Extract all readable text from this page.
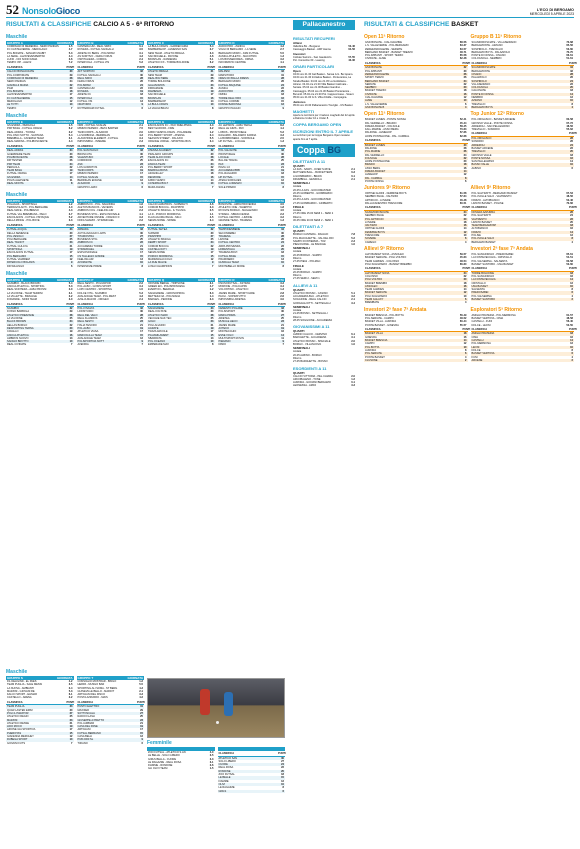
52 NonsoloGioco	L'ECO DI BERGAMO
MERCOLEDÌ 5 APRILE 2023
RISULTATI & CLASSIFICHE CALCIO A 5 - 6ª RITORNO	Pallacanestro	RISULTATI & CLASSIFICHE BASKET
Maschile
GRUPPO A	GIORNATA
COMPAGNI DI MERENDA - NERO PANDAS	1-5
FC CASTELVERDE - MEDOLAGO	4-7
POL.BONATE - SANAMI UNABIT	5-3
LA SEDE - ALZATEVESPERTINI	4-4
LUFFI - NOI SONO FAMA	3-6
TEMPO VIP - ALEX2	7-2
CLASSIFICA	PUNTI
CALCIO BONACCIATE	30
POL.CORPORATE	29
COMPAGNI DI MERENDA	28
NERO PANDAS	24
GIANNA & MARIA	22
PGM	20
POL.BONATE	18
ALZATEVESPERTINI	17
FC CASTELVERDE	15
MEDOLAGO	12
LE TOTTI	10
TEMPO	7
GRUPPO B	GIORNATA
CANTERA HM - REAL SIRIO	6-1
ROVEDA - FUTSAL SANGALLI	3-5
ARIETE FC BERG - POLISPAM	3-1
AS SORTIVO - FERGI VIRUS	4-3
OSPITALIERA - CORDIA	2-4
INTERVOLA - FUTSAL VIS	5-2
CLASSIFICA	PUNTI
AFT SORTIVO	32
FUTSAL SANGALLI	30
REAL SIRIO	28
FERGI VIRUS	26
POLISPAM	24
CANTERA HM	22
ROVEDA	19
ARIETE FC	18
INTERVOLA	15
FUTSAL VIS	13
ORATORIO	9
ROTTERDAM FUTSAL	6
GRUPPO C	GIORNATA
LA BULA CRAKS - GARDEN ARIA	5-4
BARBERSHOP - ALMENNO SAN	2-7
NEW TEAM - ATLETIC BRAGA	3-3
SAN MICHELE - PAVOSE	4-6
BATAPLAN - RAMIENZA	5-1
ATLETICO FX - TORRE BOLDONE	6-2
CLASSIFICA	PUNTI
ATLETIC BRAGA	31
NEW TEAM	29
REAL BOLTIERE	26
TORRE BOLDONE	25
GALASOMOS	23
FIRRAMANE	21
RAMIENZA	19
SAN MICHELE	17
BATAPLAN	16
BARBERSHOP	14
LA BULA CRAKS	10
LA VALDA BRASI	8
GRUPPO D	GIORNATA
AUDIO PRO - ZANICA	4-3
VIGILI DI BERGAMO - LA SEDE	2-7
BERGAMO MORO - ASM FUTSAL	5-5
ZANICA ATHLETIC - MACOTRIC	1-3
LOS BOSSEDORES - OMNIA	3-2
INFORMATIC CENTRE	4-1
CLASSIFICA	PUNTI
MALPESI	33
MARSITORO	31
ORES DO BALLA DRESS	28
BERGAMO MORO	26
FUTSAL BAQUINE	24
ZANICA	22
AUDIO PRO	20
OMNIA	18
TORRE DELL'ORO	16
FUTSAL CORNIN	15
DONNE BAROSSA	12
GRUPPO PAGGIO	9
Maschile
GRUPPO E	GIORNATA
GS ESDRA - PERGOLA	1-5
PDP BASH - FUTSAL ORANA	6-2
REAL ADRAS - TIONSA	2-2
POL.OSIO SOTTO - SANTANA	5-4
BREMBILLA - CAVERNA TEAM	3-1
REAL MARINA - POLIBOSCIENTE	4-4
CLASSIFICA	PUNTI
REAL ADRAS	34
GUERRIERE TEAM	30
POLIBOSCIENTE	28
DIP TESTER	26
PDP TEAM	24
PERGOLA	22
TEAM BASH	19
FUTSAL ORANA	17
GS ESDRA	14
POLIS ALEPHETE	11
REAL MONTA	8
GRUPPO F	GIORNATA
ORR - FUTSAL SCALVE	2-1
MIMMO PEPERO - BETA BARTER	7-5
TANKCORPS - ALSADOR	2-0
LA SORBONA - BERRIGAN	4-2
ALAVATRICE ELEMENT - FUTSAL	3-4
IMPOSSIBILI - INSIEME	2-3
CLASSIFICA	PUNTI
POL.SAN PAOLO	33
BRONCUTA	30
VALENTIJNO	27
CORRIDOR	25
ASK	23
LOS GORDITOS	21
TANKCORPS	19
MIMMO PEPERO	17
FUTSAL SCALVE	15
BERRIGAN ENGINE	12
ALSADOR	9
GRUPPO LARIO	6
GRUPPO G	GIORNATA
ESCOLANOS FC - PAO SMELPINDA	4-3
BEST EUROPA - FIRE	3-2
FABIO VESPOLONIAN - POLAREDE	1-2
POL.BERRY SPORT - ATENSA	2-4
SEASON STREET - PALAXIO	5-5
ORANGE JORGE - SPORTING BCS	3-4
CLASSIFICA	PUNTI
ATENSA ACADEMY	32
PRALARIO GROUPS	30
TEAM ALDO FIORI	28
ESCOLANOS FC	26
ZANICA TEAM	24
POL.BERRY SPORT	22
BARRIGA BOSS	20
ARJANILLEY	18
RENZORE	16
FABIO VESPO	14
CATERINA BOLT	10
MARA DANZA	7
GRUPPO H	GIORNATA
AC LEPNIOS - ALBA TARGA	8-2
REAL LE GIMS - PAX	4-4
LOBOS - PRONTOIELE	5-2
RAGAZIRI - BALDARIO FARINA	3-3
LA BOMBONERA - SORISOLE	2-5
HP FUTSAL - LOCALE	1-3
CLASSIFICA	PUNTI
POL.VALIANTE	33
PRONTOIELE	30
LOCALE	28
BAL.DE TRANG	25
PAX	23
PAVIA 1.0	21
ACCADEMIA BBB	19
POL.RAGAZIRI	18
HP FUTSAL	15
ATENA SORIGUES	12
FUTSAL LORENZO	10
SOLE PIPERO	8
Maschile
GRUPPO I	GIORNATA
POLAGAS - SPORTINGA	1-2
TERRAVOLANTI - POL.BERGAME	4-0
REAL MAFE - POLIBRESO	4-3
FUTSAL VAL BREMBANA - PELO	3-7
ESCOLANOS - FUTSAL VISTAQUE	5-2
DELLA MINCE - POL.BOVE	3-3
CLASSIFICA	PUNTI
FUTSAL ACQUA	33
DELLA SEMENCE	30
POL.VESOLO	27
POLI.BERGAME	25
REAL TIGNOT	23
FUTSAL GULAYA	21
SPORTINGA	19
ESCOLANOS FUTSAL	17
POL.BERGAMO	15
FUTSAL VALBREM	12
PATERCOLO BOLANIS	9
DR.WILLINGO	6
GRUPPO L	GIORNATA
AMBROS FC - POL. NAGONDA	1-6
ALETOS BANCOS - VEVEDIS	4-3
AMBROS FOG - FEELING AIR	2-3
BUSINESS STIG - ESPLOSIONALE	4-1
ADVENTURE ONSINE - FRANCO F	3-3
NOFA SHAMIX - STRAMICHEL	2-2
CLASSIFICA	PUNTI
ARMADA	33
AUTOLAVAGGIO LAPIS	30
TITAMOSTRA	27
BUSINESS STIG	25
AMBROS FC	22
ACCADEMIA TORRE	21
STRAMICHEL	19
ESPLOSIONALE	17
CS TALLEGIO ANSIDE	15
FEELING AIR	13
AVOMANTE	10
INTENSFIZE PRIME	8
GRUPPO M	GIORNATA
CALCIO ALBATROS - SUPERLITI	4-6
COMUM BOCCIA - FRAPPIPR	3-3
ATHLETIC BASIGA - IL TILUNIA	2-5
LA D - PORCIO MORMOSA	1-1
FLAN AGUMAI BLUE - MILC	4-5
SENZA NOME - SPARE	3-4
CLASSIFICA	PUNTI
FUTSAL SHTEA	32
SUPERFI	30
PRAPPIPR	27
ATHLETIC BASIGA	25
DERBY SPORT	24
COMUM BOCCIA	22
CASTELLOCITI	19
SENZA NOME	17
PORCIO MORMOSA	15
MARRANGACCOLO	12
LA DUE MALVE	9
LOSAI CHAMPIONS	7
GRUPPO N	GIORNATA
BONOSITE - ARPA PROVENDA	3-5
ATHLETIC ONE - WHEPPIO	1-8
RIVOLTE BORGO - MAGLEINDO	4-5
STRADA - SBRACCENNA	2-2
FUTSAL CENTRO - LIMONE	3-2
GRANDE TEAM - TRAZENA	1-3
CLASSIFICA	PUNTI
TAMPONENBENE	34
SECONDEBEI	30
TRAZENA	28
LIMONE	26
FUTSAL CENTRO	24
ARPA PROVENDA	22
HORENTALIA	20
TRAZENA BOVI	18
FUTSAL BASE	15
PRAMINERO	13
GUNDALA TEAM	10
MONTEBELLO MORE	8
Maschile
GRUPPO O	GIORNATA
SCAMBIO - BLACK BROWN	5-4
ANCCA ATLETICA - SPORTING	5-3
REAL SKINTERA - ALBA PROSSI	2-0
LA VIA IRINE - TEAM TERZINI	3-1
LA VILLETTE - BRAGIGE	3-2
FODANDE - NINNI TEAM	3-0
CLASSIFICA	PUNTI
SCAMBIO	32
FOSSO BARBOLA	29
ATLETICO PREZZANE	28
LA VIA IRINE	25
BLACK BROWN	24
HELLAS BORGO	22
DESPORTING TERNA	20
CAVALLO	19
ANCCA ATLETICA	16
AMBROS NUOVO	13
SANGIO BROTTO	10
REAL CIVIDATE	7
GRUPPO P	GIORNATA
REAL SESTO - POLIVAPOR	2-2
POL.ALBO - GOSPA SPORT	3-4
LUPO CENTRO - SPORTING	1-5
DOLCE VITA - SCAMBIO	5-3
AVALANCHE TEAM - POL.MEST	4-3
AZALIA MAJOR - ORIGEO	2-4
CLASSIFICA	PUNTI
POLI.VIVALTA	32
LIONSTUDIO	30
REAL DEL VELO	28
REAL KLANDOS	25
REAL SESTO	23
ITALIA TESORO	21
POL.ALBO	19
ATLETICO VIASA	17
MARCOLILLA TEAM	15
AVALANCHE TEAM	12
POLISPORTIVA NOTT	9
AVENIDA	7
GRUPPO Q	GIORNATA
OFFSIDE BERGE - TRIPSONE	3-1
GREEN EN - POLISPRINCESA	4-7
EVERTON - BEERGIA	1-2
SANAGRESE - GIRONOPROG	6-3
METTEZA NA - POLISIANA	1-4
BARGES - PEDONE	3-3
CLASSIFICA	PUNTI
SANAGRESE	33
REAL KOLTATE	30
ATLETICO MARI	28
VECCHIE NAK TEC	25
GOLD	23
POLI.ALVARIO	21
AGRATE	19
TRAZA ARCOLE	17
PGUAMILAMENT	15
SBARRATA	13
POL.OCEANO	10
EMPERADE MAX	8
GRUPPO R	GIORNATA
DSUSOFUTSAL - ASTRAN	3-3
MORONE - POLICAPPA	3-4
VOLONTINO - ATLETICO	1-3
JAMES MAME - SPORT DARE	2-8
PAOLI - SOPRATUTTO	2-6
IMPOSSIBILI ARIETEA	3-0
CLASSIFICA	PUNTI
CEMENTO POLARE	33
POLISSPORT	30
MARIA PRIMA	27
ARIETEA	25
MUSCLE HECO	23
JAMES MAME	21
AXTEKO	19
MONTECCHIO	16
ESSE VOLO	14
MULTISPORT ROVIN	11
PIEDAMO	9
DIMIO	7
Maschile
GRUPPO S	GIORNATA
FIL DELIGIND - EL PAES	4-2
TEAM PUGLIA - SALE MESSI	3-5
LA NUOVA - AMBIANTI	2-4
MAZZINI - GIOVANI RE	5-3
FALCO SPORT - ELIMAR	6-1
CASTELLO - ARENA	2-2
CLASSIFICA	PUNTI
TEAM PUGLIA	33
QUAR LASTEN ERIM	30
POLI.IL PARATOR	27
ATLETICO REGIO	25
MAZZINI	23
ATLETICO RESSE	21
LIDO MOCO	19
AZIONE GIA SPORTIVA	17
PHEROTAS	15
GIAFENNA MERCHEY	12
RUBEGA SPORT	10
GIOVANI FUTS	7
GRUPPO T	GIORNATA
CONSIGLIO MOSTRAR - BINGO	1-2
HERPA - MUSGO BAR	5-5
SPORTING ALI SOMA - ST BERG	4-3
GUINEVILLE BELLO - MARIOT	2-1
ARTIGIANI DEL DISCO	3-3
POSTA AZZURRO - MAIS	4-2
CLASSIFICA	PUNTI
PUNTO ELETTRO	31
MAXIFER	29
SOTTOSCALA	27
RADIO FLASH	25
GIUSEPPE A PRETTO	23
POLI.AMBIAR	21
CASA DEL PANE	19
ARTIGIANI	17
FUTSAL BERRANO	15
CASA BELLI	12
PUB 2000 SL	9
TIZIANO	6 Femminile
ZOO FUTSAL - ATLETICO S.AN	4-0
LE BELLE - SOLO LIBERO	3-5
GIRLS BELLA - CUORE	3-3
LE RAGAZZE - REAL ROSA	3-1
FIAMME - RONDINE	2-6
GLI OLIVI TEAM	1-5
CLASSIFICA	PUNTI
ATLETICO SAN	30
SOLO LIBERO	27
CUORE	24
REAL ROSA	22
RONDINE	20
ZOO FUTSAL	18
LE BELLE	15
FIAMME	12
OLIVI	10
LE RAGAZZE	8
GIRLS	6
RISULTATI RECUPERI
Allievi
Valtellina Bo - Bergamo	52-46
Caravaggio Basket - ADP Hanna	64-56
Investori
Colzate Sarnico - San Gaudenzio	57-55
Pol. Consolino 60 - Leasing	43-36
ORARI PARTICOLARI
Open
04.04 ore 21.30 Gel Basket - Sansa A.G. Be Ispano. 04.04 ore 21.30 Iniziativa Basket - Ponteranica, La Strada Basket. 04.04 ore 21.45 La Goldoliana - Alzano. 04.04 ore 21.30 Villa Basket Calcinate - Seriate. 05.04 ore 21.00 Basket Gandino - Caravaggio. 05.04 ore 21.30 Basket Ponteranica - Burundi. 05.04 ore 21.30 Pol. Cappuccinese - Scauri. 05.04 ore 21.00 G.S. Villa d'Adda - Campagna.
Juniores
05.04 ore 19.30 Pallacanestro Treviglio - US Basket
MAGHETTI
Aperte le iscrizioni per il raduno maghetti del 22 aprile a Dalmine Under 10 e Under 8.
COPPA BERGAMO OPEN
ISCRIZIONI ENTRO IL 7 APRILE
Le iscrizioni per la Coppa Bergamo Open restano aperte fino al 7 aprile.
Coppa BG
DILETTANTI A 11
QUARTI
LA FAS - SANPI - OVER S.RIVE	2-1
MATTHEW BALL - BUFFETTERS	0-3
A GIOMBARDO - BRAIN	0-1
DRUMBIGA - GENDOLA	2-1
SEMIFINALI
Andata
20-05 LA FAS - GIOCOMASTER
20-05 GIOBERTO - GIOMBARDO
Ritorno
22-05 LA FAS - GIOCOMASTER
27-05 GIOMBARDO - GIOBERTO
FINALE
Andata
27-05 ORE 15.00 SEMI 1 - SEMI 2
Ritorno
30-05 ORE 20.00 SEMI 2 - SEMI 1
DILETTANTI A 7
QUARTI
BORGO CANTERA - RAGGIO	7-8
POL.MACCHIETTE - VAL DEL RIO	5-2
SAMPO FONTIERMA - TOZ	2-3
PIEGIOVANE - LE BANCHE	1-0
SEMIFINALI
Andata
20-05 BORGO - SAMPO
Ritorno
27-05 PIEGI - POLMAC
FINALE
Andata
20-05 BORGO - SAMPO
Ritorno
27-05 SEMI 2 - SEMI 1
ALLIEVI A 11
QUARTI
ATLETICO BOSSO - CASINO	5-1
ACCADEMIA BLU - ATLETICO	3-2
SOGGIONE - REAL CALCIO	2-1
GORGAGLIOTTI - SETTEGALLI	3-4
SEMIFINALI
Andata
21-05 BOSSO - SETTEGALLI
Ritorno
28-05 SOGGIONE - ACCADEMIA
GIOVANISSIMI A 11
QUARTI
ALBINO CALCIO - CERVINO	6-1
BARCHETTE - ACCADEMIA	3-1
ATLETICO BOSSO - SPECIALE	2-0
BORGO - VILLANUOVA	1-0
SEMIFINALI
Andata
20-05 ALBINO - BORGO
Ritorno
27-05 BARCHETTE - BOSSO
ESORDIENTI A 11
QUARTI
CALCIO VITTORIA - PEL.CHIARA	2-0
ARCOBALENO - TONE	1-2
AURORA - GIOVANI BERGAMO	0-1
LEONESSA - AMICI	3-3
Open 11ª Ritorno
GSD BONATE - CIAL DALMINE	68-56
L.S. VALLEVERDE - POL.BERGAMO	63-37
ZEREZANDOLEZZE - SERIATE	63-57
BERGAMO BASKET - BASKET TREZZO	48-71
POL.IMPIANTI - SPORT. TERZO	65-58
CIVIDATE - ALME	62-48
CLASSIFICA	PUNTI
GSD BONATE	32
POL.IMPIANTI	30
ZEREZANDOLEZZE	26
SPORT. TERZO	26
BERGAMO BASKET	24
SERIATE	22
NEMBRO	20
BASKET TREZZO	18
CIVIDATE	16
CIAL DALMINE	12
ALME	10
L.S. VALLEVERDE	6
GSD BONATE B	4
Gruppo B 11ª Ritorno
SCANZOROSCIATE - VILLASEIRANO	72-68
BERGAMONTE - AZZANO	65-56
SOSPIROLO - TREVIGLIO	53-60
BERGAMO BOYS - PALAZZOLO	70-70
PONTE DI NOSSA - CISANO	66-61
COLOGNOLA - NEMBRO	51-61
CLASSIFICA	PUNTI
SCANZOROSCIATE	34
BERGAMONTE	32
CISANO	28
PALAZZOLO	26
SOSPIROLO	24
VILLASEIRANO	22
COLOGNOLA	20
CALCINATE	18
PONTE DI NOSSA	14
NEMBRO	12
AZZANO	10
TREVIGLIO	8
BERGAMO BOYS	4
Open 11ª Ritorno
BASKET LUMEN - PONTE NOSSA	52-41
PAL.VERDELLO - BRAIDO	45-44
FRIEDA BASKET - FOLSOLE	58-45
FALL.MARNE - ASSO BERG	70-63
PALZONE - ALMEHOP	57-66
HOPE PONTELIONE - PAL. CAMMAL	62-68
CLASSIFICA	PUNTI
BASKET LUMEN	30
PALZONE	28
POL.MARNE	26
PAL.VERDELLO	24
FOLSOLE	22
HOPE PONTELIONE	20
BRAIDO	18
ASSO BERG	16
FRIEDA BASKET	14
ALMEHOP	12
PAL. CAMMAL	8
PONTE NOSSA	6
Top Junior 12ª Ritorno
POL.ORIGASCO - BASKET ARCENE	60-58
GROSSO VALLE - PONTE NOSSA	67-72
ARDEROLI - SAN PELLEGRINO	48-56
TREVIGLIO - SONDRIO	55-62
CLASSIFICA	PUNTI
POL.ORIGASCO	28
SONDRIO	26
ARDEROLI	24
BASKET ARCENE	22
TREVIGLIO	20
GROSSO VALLE	18
PONTE NOSSA	16
SAN PELLEGRINO	14
BASSO VALLE	10
ALBINO	6
Juniores 9ª Ritorno
ORTISEI ALDINI - FEMMINE BOYS	61-58
NEMBRO BLUE - VALTIZZO	57-64
ARTIFICIO - LOVERE	46-48
PALLACANESTRO TRESCORE	60-51
CLASSIFICA	PUNTI
SCANZOROSCIATE	24
NEMBRO BLUE	22
POL.ARTIFICIO	20
LOVERE	18
VALTIZZO	16
ORTISEI ALDINI	14
FEMMINE BOYS	12
TRESCORE	10
SOVERE	6
CAREGO	4
Allievi 9ª Ritorno
POL.SALTRATTI - BERGAMO BASKET	67-53
POLI.SOLLE SALO - VALTRENTO	48-56
FRIZZO - ALTOBIANCO	52-46
LIMATO BASKET - POLISE	70-66
CLASSIFICA	PUNTI
NOVARA AZZURRA	26
POL.SALTRATTI	24
VALTRENTO	22
LIMATO BASKET	20
TEAM BERGAMOSP	18
ALTOBIANCO	16
FRIZZO	14
POLISE	12
POLI.SOLLE SALO	8
BERGAMO BASKET	4
Allievi 9ª Ritorno
ALPI BASKET NOVA - ASSOLEO	59-57
BASKET SERIATE - POLI.VOLTRO	45-63
TEAM GARDEN - COLOSSO	48-54
POLI.SCHILPARIO - BASKET BREMBO	66-60
CLASSIFICA	PUNTI
ALPI BASKET NOVA	24
COLOSSO	22
POLI.VOLTRO	20
BASKET BREMBO	18
ASSOLEO	16
TEAM GARDEN	14
BASKET SERIATE	12
POLI.SCHILPARIO	10
TEAM GALAXY	6
BREMBATE	4
Investori 2ª fase 7ª Andata
POL.SANGIORGIO - PREDOSABEI	65-61
LA FONTEVECCHIA - CRISTALLO	54-51
POL.VALSERINA - SALSENTA	60-58
BASKET SANTOBO - UNA BASKET	52-60
CLASSIFICA	PUNTI
TORRE BOLDONE	18
POL.SANGIORGIO	16
LA FONTEVECCHIA	14
CRISTALLO	12
UNA BASKET	10
SALSENTA	8
PREDOSABEI	6
POL.VALSERINA	4
BASKET SANTOBO	2
Investori 2ª fase 7ª Andata
BASKET BRESCIA - POL.BOTTA	56-49
POL.SERIATE - CAMPO	48-52
BASKET VILLA - AURORA	60-44
PONTE BASKET - GINEVRA	55-57
CLASSIFICA	PUNTI
BASKET VILLA	18
GINEVRA	16
BASKET BRESCIA	14
CAMPO	12
POL.BOTTA	10
AURORA	8
POL.SERIATE	6
PONTE BASKET	4
CLUSONE	2
Esploratori 5ª Ritorno
AMIGHI PRATERIA - POL.MERMOSA	61-57
BASKET VERTOVA - CIMA	48-58
CASTELLI - FUNI	56-40
DOLCE - LEONI	52-50
CLASSIFICA	PUNTI
AMIGHI PRATERIA	18
CIMA	16
CASTELLI	14
POL.MERMOSA	12
LEONI	10
DOLCE	8
BASKET VERTOVA	6
FUNI	4
ARCENE	2
